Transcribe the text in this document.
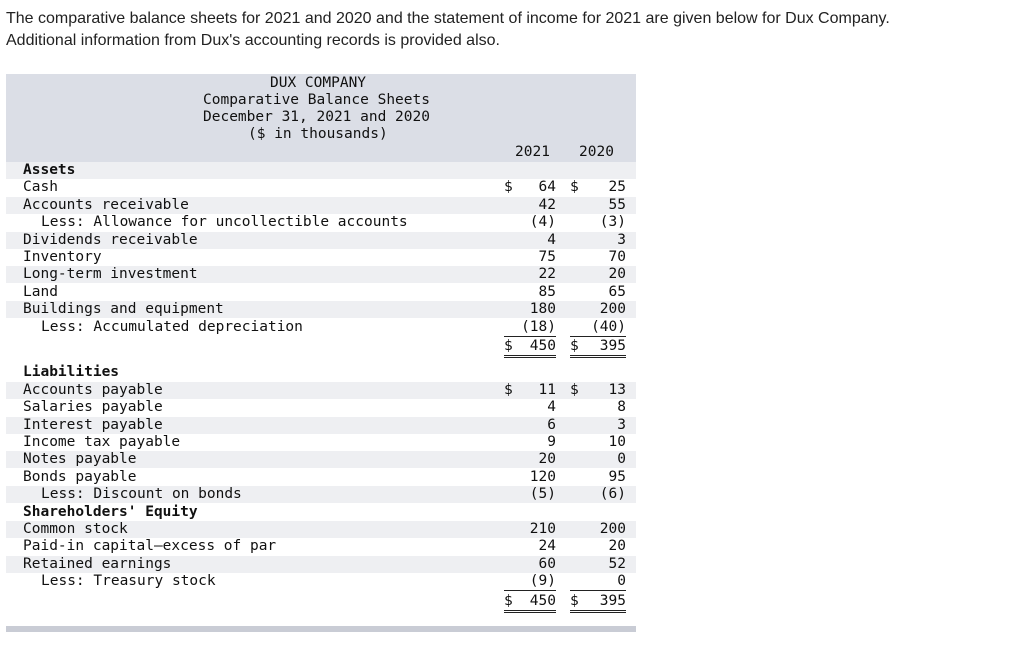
The comparative balance sheets for 2021 and 2020 and the statement of income for 2021 are given below for Dux Company.
Additional information from Dux's accounting records is provided also.
DUX COMPANY
Comparative Balance Sheets
December 31, 2021 and 2020
($ in thousands)
2021 2020
Assets
Cash	$ 64 $ 25
Accounts receivable	42	55
Less: Allowance for uncollectible accounts	(4)	(3)
Dividends receivable	4	3
Inventory	75	70
Long-term investment	22	20
Land	85	65
Buildings and equipment	180	200
Less: Accumulated depreciation	(18) (40)
$ 450 $ 395
Liabilities
Accounts payable	$ 11 $ 13
Salaries payable	4	8
Interest payable	6	3
Income tax payable	9	10
Notes payable	20	0
Bonds payable	120	95
Less: Discount on bonds	(5)	(6)
Shareholders' Equity
Common stock	210	200
Paid-in capital—excess of par	24	20
Retained earnings	60	52
Less: Treasury stock	(9)	0
$ 450 $ 395
